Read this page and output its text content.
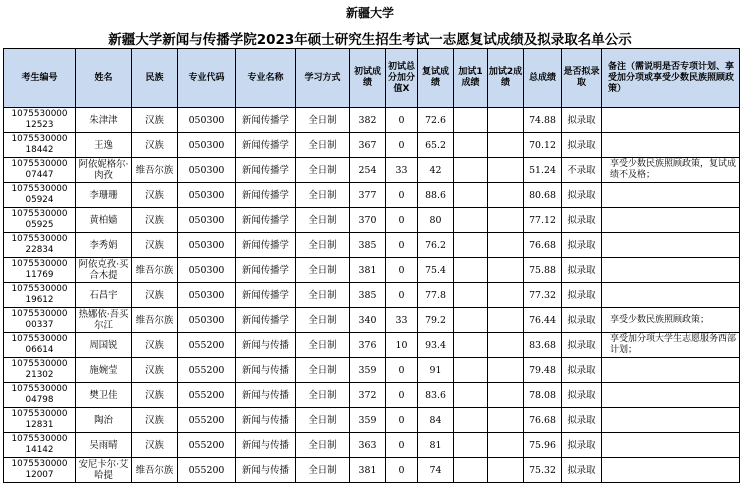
新疆大学
新疆大学新闻与传播学院2023年硕士研究生招生考试一志愿复试成绩及拟录取名单公示
考生编号	姓名	民族	专业代码	专业名称	学习方式	初试成绩	初试总分加分值X	复试成绩	加试1成绩	加试2成绩	总成绩	是否拟录取	备注（需说明是否专项计划、享受加分项或享受少数民族照顾政策）
1075530000 12523	朱津津	汉族	050300	新闻传播学	全日制	382	0	72.6			74.88	拟录取	
1075530000 18442	王逸	汉族	050300	新闻传播学	全日制	367	0	65.2			70.12	拟录取	
1075530000 07447	阿依妮格尔·肉孜	维吾尔族	050300	新闻传播学	全日制	254	33	42			51.24	不录取	享受少数民族照顾政策，复试成绩不及格；
1075530000 05924	李珊珊	汉族	050300	新闻传播学	全日制	377	0	88.6			80.68	拟录取	
1075530000 05925	黄柏嫱	汉族	050300	新闻传播学	全日制	370	0	80			77.12	拟录取	
1075530000 22834	李秀娟	汉族	050300	新闻传播学	全日制	385	0	76.2			76.68	拟录取	
1075530000 11769	阿依克孜·买合木提	维吾尔族	050300	新闻传播学	全日制	381	0	75.4			75.88	拟录取	
1075530000 19612	石昌宇	汉族	050300	新闻传播学	全日制	385	0	77.8			77.32	拟录取	
1075530000 00337	热娜依·吾买尔江	维吾尔族	050300	新闻传播学	全日制	340	33	79.2			76.44	拟录取	享受少数民族照顾政策；
1075530000 06614	周国锐	汉族	055200	新闻与传播	全日制	376	10	93.4			83.68	拟录取	享受加分项大学生志愿服务西部计划；
1075530000 21302	施婉莹	汉族	055200	新闻与传播	全日制	359	0	91			79.48	拟录取	
1075530000 04798	樊卫佳	汉族	055200	新闻与传播	全日制	372	0	83.6			78.08	拟录取	
1075530000 12831	陶治	汉族	055200	新闻与传播	全日制	359	0	84			76.68	拟录取	
1075530000 14142	吴雨晴	汉族	055200	新闻与传播	全日制	363	0	81			75.96	拟录取	
1075530000 12007	安尼卡尔·艾哈提	维吾尔族	055200	新闻与传播	全日制	381	0	74			75.32	拟录取	
